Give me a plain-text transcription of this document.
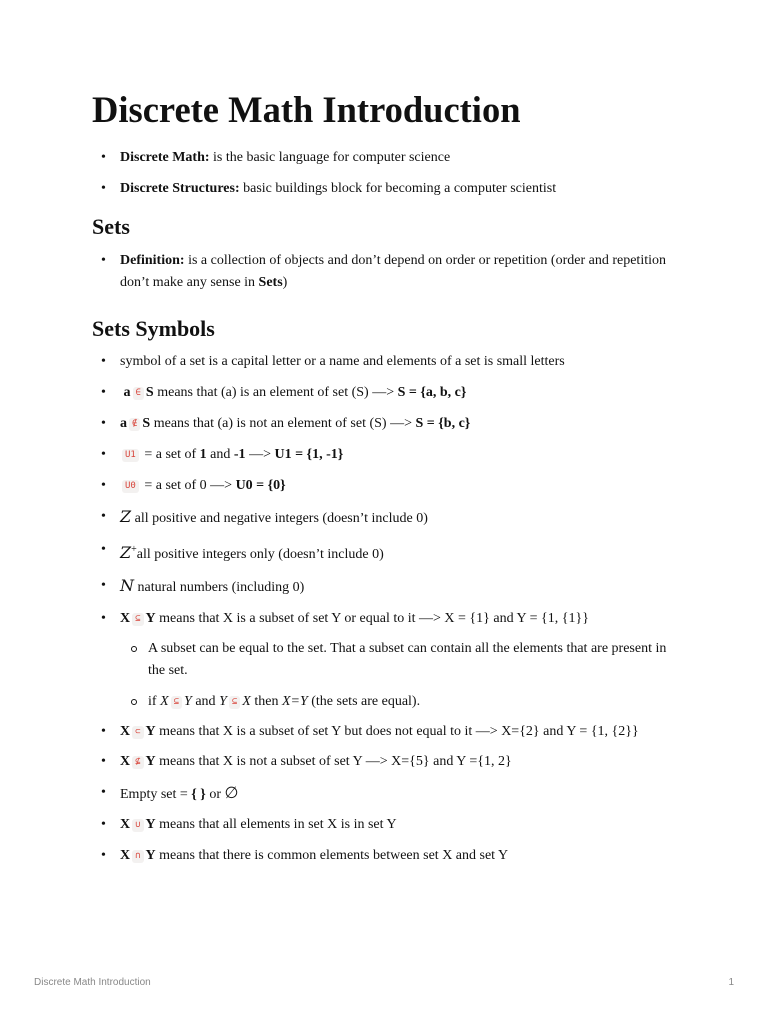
Discrete Math Introduction
• Discrete Math: is the basic language for computer science
• Discrete Structures: basic buildings block for becoming a computer scientist
Sets
• Definition: is a collection of objects and don’t depend on order or repetition (order and repetition don’t make any sense in Sets)
Sets Symbols
• symbol of a set is a capital letter or a name and elements of a set is small letters
• a ∈ S means that (a) is an element of set (S) —> S = {a, b, c}
• a ∉ S means that (a) is not an element of set (S) —> S = {b, c}
• U1 = a set of 1 and -1 —> U1 = {1, -1}
• U0 = a set of 0 —> U0 = {0}
• Z all positive and negative integers (doesn’t include 0)
• Z+all positive integers only (doesn’t include 0)
• N natural numbers (including 0)
• X ⊆ Y means that X is a subset of set Y or equal to it —> X = {1} and Y = {1, {1}}
A subset can be equal to the set. That a subset can contain all the elements that are present in the set.
if X ⊆ Y and Y ⊆ X then X=Y (the sets are equal).
• X ⊂ Y means that X is a subset of set Y but does not equal to it —> X={2} and Y = {1, {2}}
• X ⊈ Y means that X is not a subset of set Y —> X={5} and Y ={1, 2}
• Empty set = { } or ∅
• X ∪ Y means that all elements in set X is in set Y
• X ∩ Y means that there is common elements between set X and set Y
Discrete Math Introduction	1
